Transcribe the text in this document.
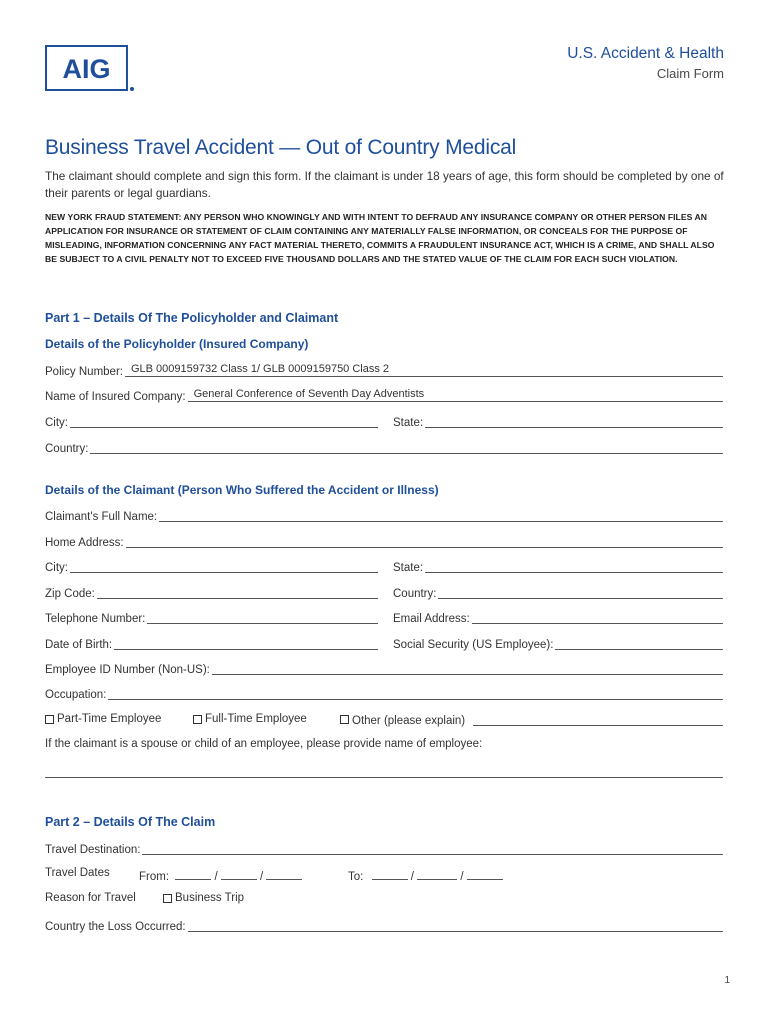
AIG
U.S. Accident & Health
Claim Form
Business Travel Accident — Out of Country Medical
The claimant should complete and sign this form. If the claimant is under 18 years of age, this form should be completed by one of their parents or legal guardians.
NEW YORK FRAUD STATEMENT: ANY PERSON WHO KNOWINGLY AND WITH INTENT TO DEFRAUD ANY INSURANCE COMPANY OR OTHER PERSON FILES AN APPLICATION FOR INSURANCE OR STATEMENT OF CLAIM CONTAINING ANY MATERIALLY FALSE INFORMATION, OR CONCEALS FOR THE PURPOSE OF MISLEADING, INFORMATION CONCERNING ANY FACT MATERIAL THERETO, COMMITS A FRAUDULENT INSURANCE ACT, WHICH IS A CRIME, AND SHALL ALSO BE SUBJECT TO A CIVIL PENALTY NOT TO EXCEED FIVE THOUSAND DOLLARS AND THE STATED VALUE OF THE CLAIM FOR EACH SUCH VIOLATION.
Part 1 – Details Of The Policyholder and Claimant
Details of the Policyholder (Insured Company)
Policy Number: GLB 0009159732 Class 1/ GLB 0009159750 Class 2
Name of Insured Company: General Conference of Seventh Day Adventists
City:	State:
Country:
Details of the Claimant (Person Who Suffered the Accident or Illness)
Claimant's Full Name:
Home Address:
City:	State:
Zip Code:	Country:
Telephone Number:	Email Address:
Date of Birth:	Social Security (US Employee):
Employee ID Number (Non-US):
Occupation:
Part-Time Employee	Full-Time Employee	Other (please explain)
If the claimant is a spouse or child of an employee, please provide name of employee:
Part 2 – Details Of The Claim
Travel Destination:
Travel Dates	From:	/	/	To:	/	/
Reason for Travel	Business Trip
Country the Loss Occurred:
1
